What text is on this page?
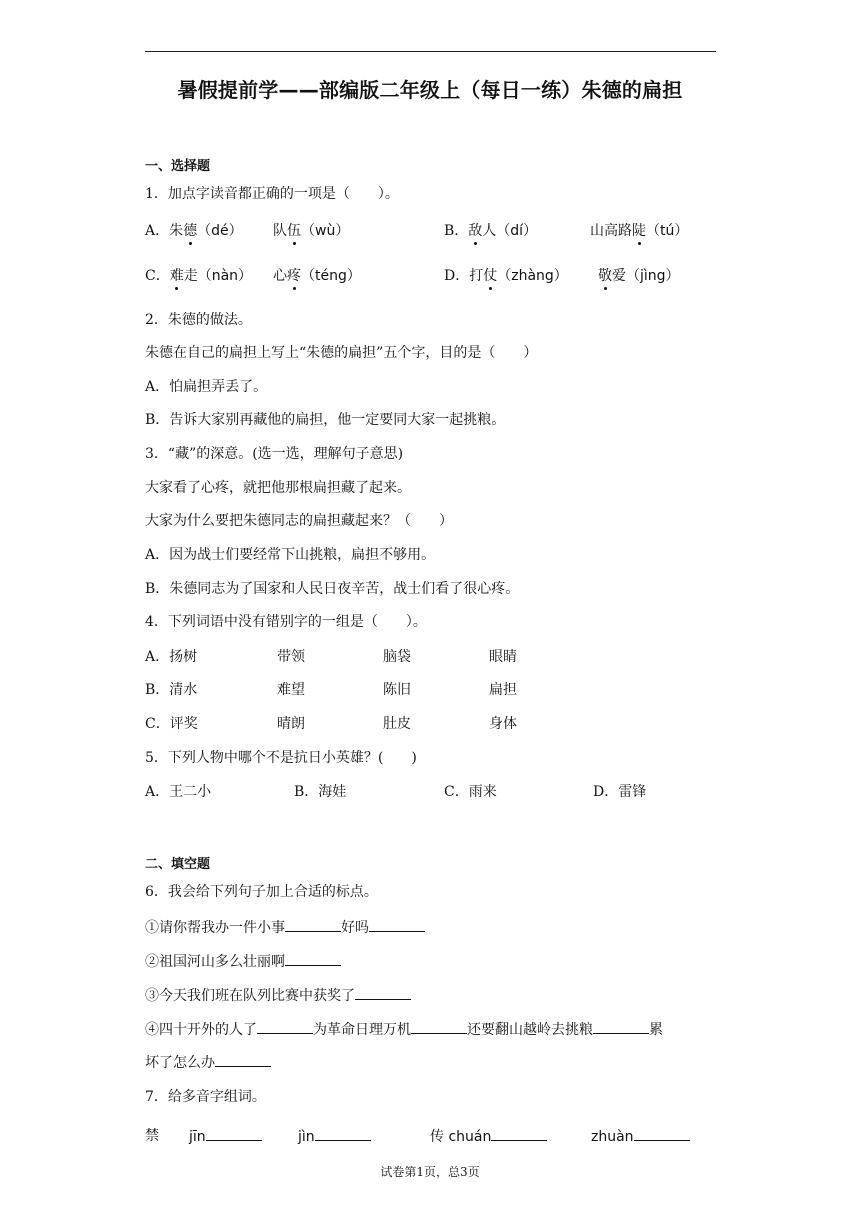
暑假提前学——部编版二年级上（每日一练）朱德的扁担
一、选择题
1．加点字读音都正确的一项是（　　）。
A．朱德（dé） 队伍（wù）	B．敌人（dí）	山高路陡（tú）
C．难走（nàn） 心疼（téng）	D．打仗（zhàng） 敬爱（jìng）
2．朱德的做法。
朱德在自己的扁担上写上“朱德的扁担”五个字，目的是（　　）
A．怕扁担弄丢了。
B．告诉大家别再藏他的扁担，他一定要同大家一起挑粮。
3．“藏”的深意。(选一选，理解句子意思)
大家看了心疼，就把他那根扁担藏了起来。
大家为什么要把朱德同志的扁担藏起来？（　　）
A．因为战士们要经常下山挑粮，扁担不够用。
B．朱德同志为了国家和人民日夜辛苦，战士们看了很心疼。
4．下列词语中没有错别字的一组是（　　）。
A．扬树	带领	脑袋	眼睛
B．清水	难望	陈旧	扁担
C．评奖	晴朗	肚皮	身体
5．下列人物中哪个不是抗日小英雄？(　　)
A．王二小	B．海娃	C．雨来	D．雷锋
二、填空题
6．我会给下列句子加上合适的标点。
①请你帮我办一件小事	好吗
②祖国河山多么壮丽啊
③今天我们班在队列比赛中获奖了
④四十开外的人了	为革命日理万机	还要翻山越岭去挑粮	累
坏了怎么办
7．给多音字组词。
禁 jīn	jìn	传 chuán	zhuàn
试卷第1页，总3页
